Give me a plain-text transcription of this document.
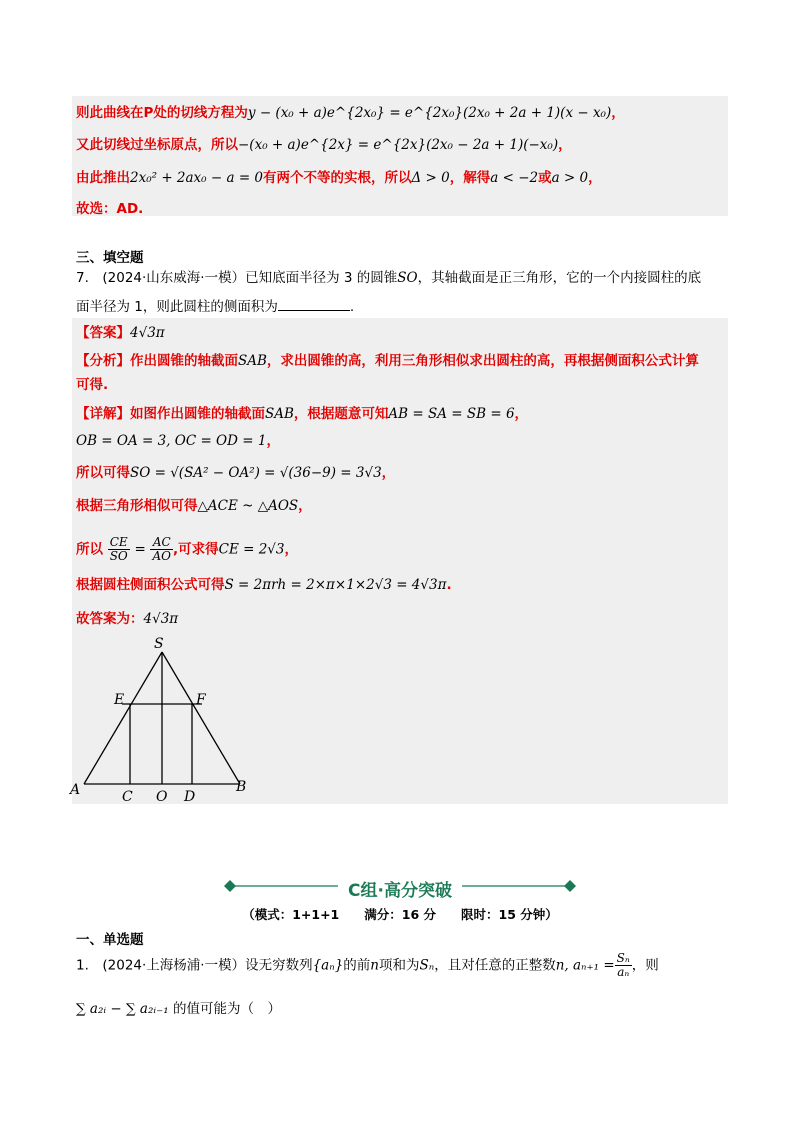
则此曲线在P处的切线方程为y − (x₀ + a)e^{2x₀} = e^{2x₀}(2x₀ + 2a + 1)(x − x₀)，
又此切线过坐标原点，所以−(x₀ + a)e^{2x} = e^{2x}(2x₀ − 2a + 1)(−x₀)，
由此推出2x₀² + 2ax₀ − a = 0有两个不等的实根，所以Δ > 0，解得a < −2或a > 0，
故选：AD.
三、填空题
7.　(2024·山东威海·一模）已知底面半径为 3 的圆锥SO，其轴截面是正三角形，它的一个内接圆柱的底
面半径为 1，则此圆柱的侧面积为	.
【答案】4√3π
【分析】作出圆锥的轴截面SAB，求出圆锥的高，利用三角形相似求出圆柱的高，再根据侧面积公式计算
可得.
【详解】如图作出圆锥的轴截面SAB，根据题意可知AB = SA = SB = 6，
OB = OA = 3, OC = OD = 1，
所以可得SO = √(SA² − OA²) = √(36−9) = 3√3，
根据三角形相似可得△ACE ~ △AOS，
所以 $\frac{CE}{SO} = \frac{AC}{AO}$ ,可求得CE = 2√3，
根据圆柱侧面积公式可得S = 2πrh = 2×π×1×2√3 = 4√3π.
故答案为：4√3π
S
E	F
A	C O D
B
C组·高分突破
（模式：1+1+1　　满分：16 分　　限时：15 分钟）
一、单选题
1.　(2024·上海杨浦·一模）设无穷数列{aₙ}的前n项和为Sₙ，且对任意的正整数n, $a_{n+1} = \frac{\text{Sₙ}}{\text{aₙ}}$ ，则
∑ a₂ᵢ − ∑ a₂ᵢ₋₁ 的值可能为（　）
